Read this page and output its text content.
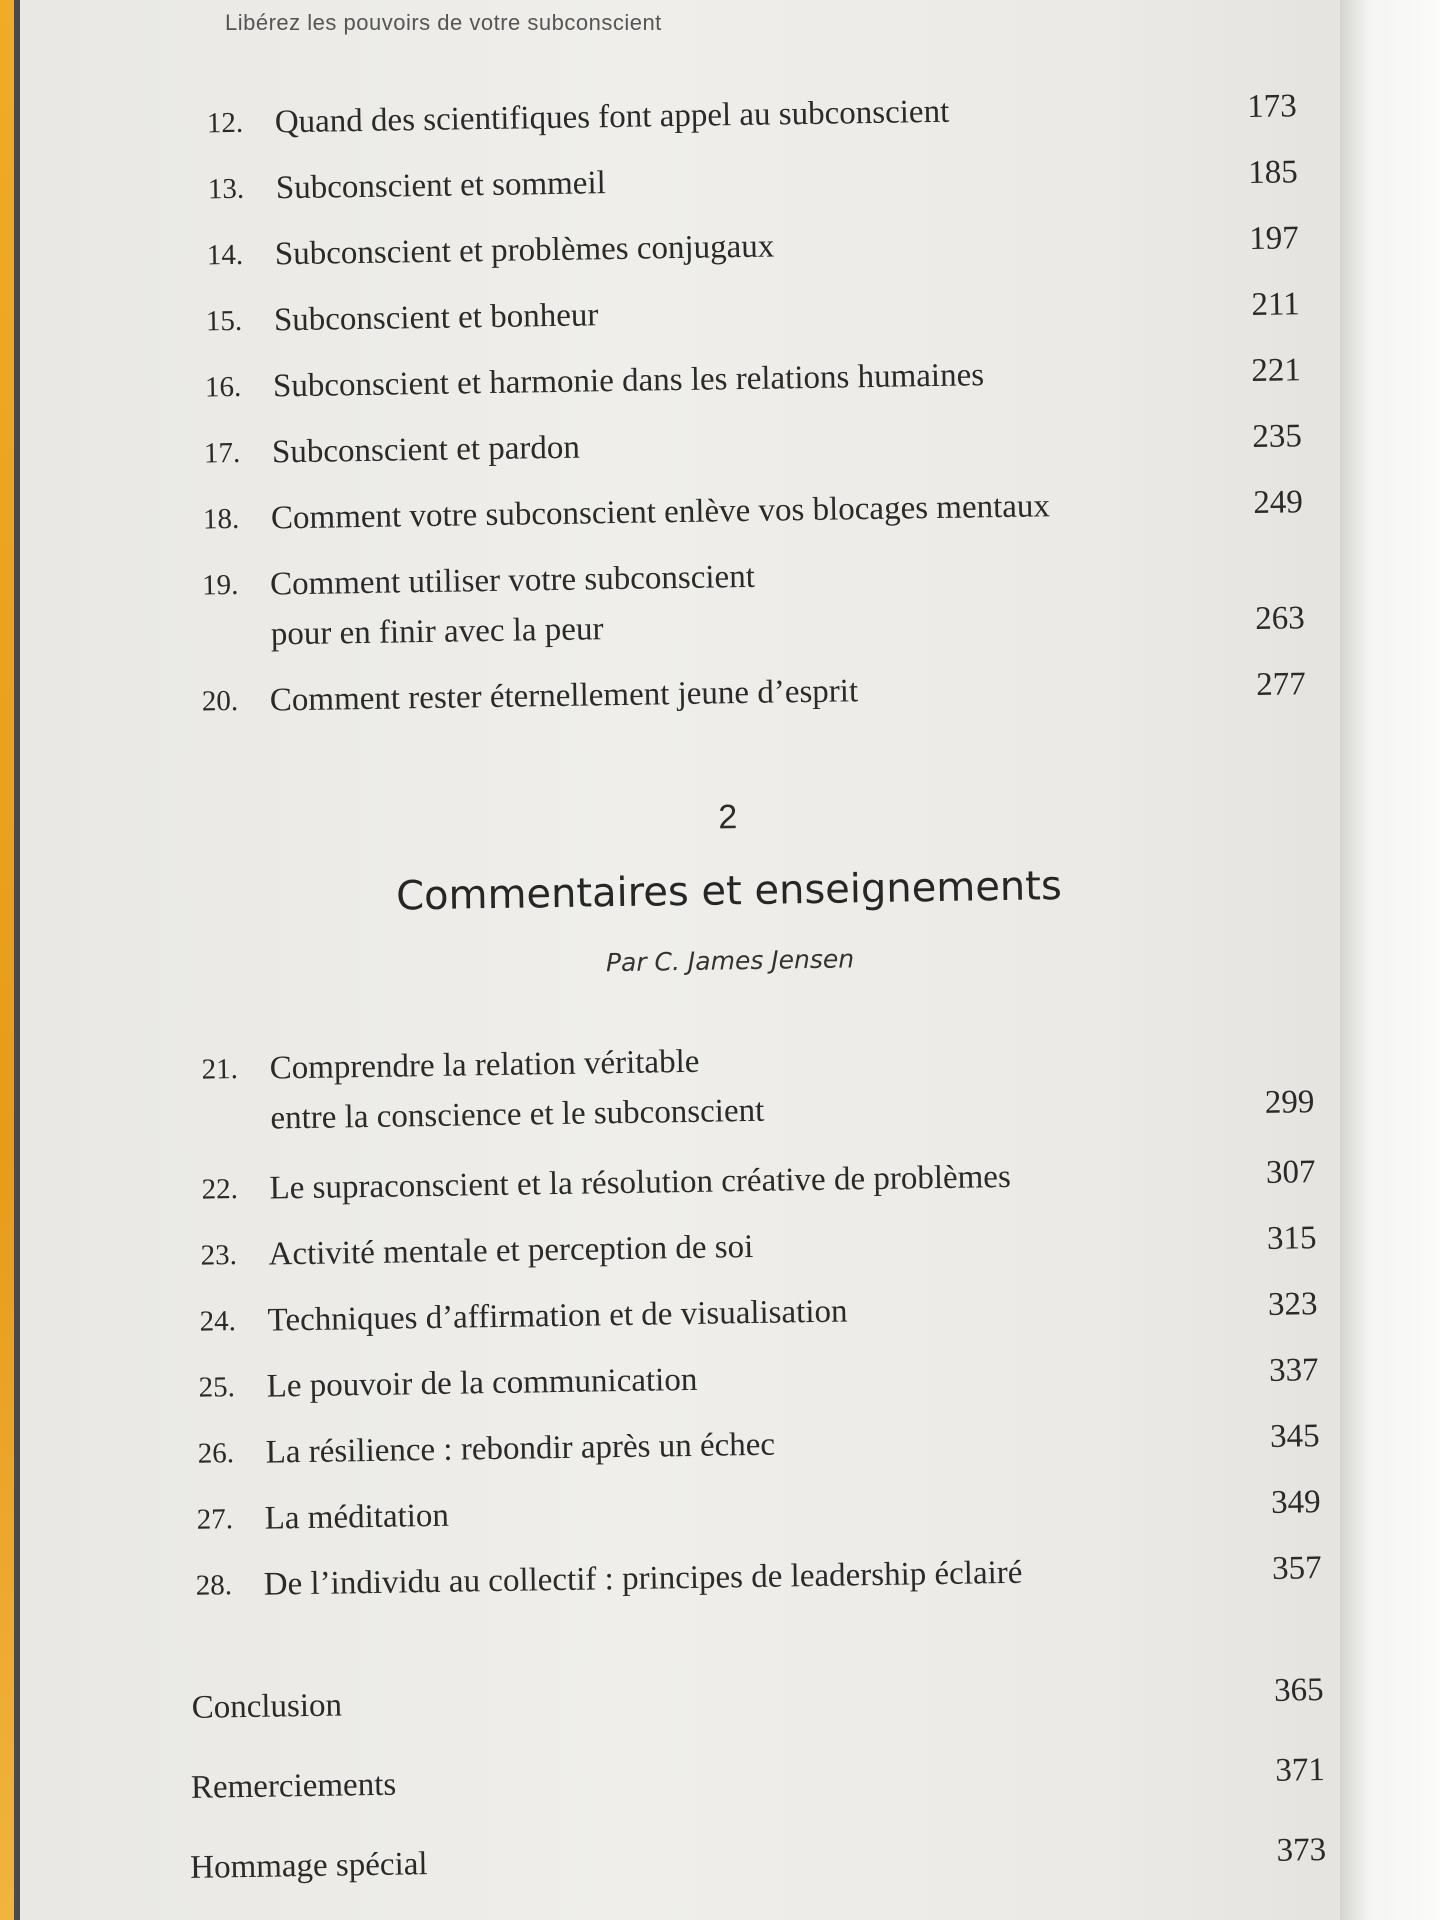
Libérez les pouvoirs de votre subconscient
12. Quand des scientifiques font appel au subconscient	173
13. Subconscient et sommeil	185
14. Subconscient et problèmes conjugaux	197
15. Subconscient et bonheur	211
16. Subconscient et harmonie dans les relations humaines	221
17. Subconscient et pardon	235
18. Comment votre subconscient enlève vos blocages mentaux	249
19. Comment utiliser votre subconscient
pour en finir avec la peur	263
20. Comment rester éternellement jeune d’esprit	277
2
Commentaires et enseignements
Par C. James Jensen
21. Comprendre la relation véritable
entre la conscience et le subconscient	299
22. Le supraconscient et la résolution créative de problèmes	307
23. Activité mentale et perception de soi	315
24. Techniques d’affirmation et de visualisation	323
25. Le pouvoir de la communication	337
26. La résilience : rebondir après un échec	345
27. La méditation	349
28. De l’individu au collectif : principes de leadership éclairé	357
Conclusion	365
Remerciements	371
Hommage spécial	373
